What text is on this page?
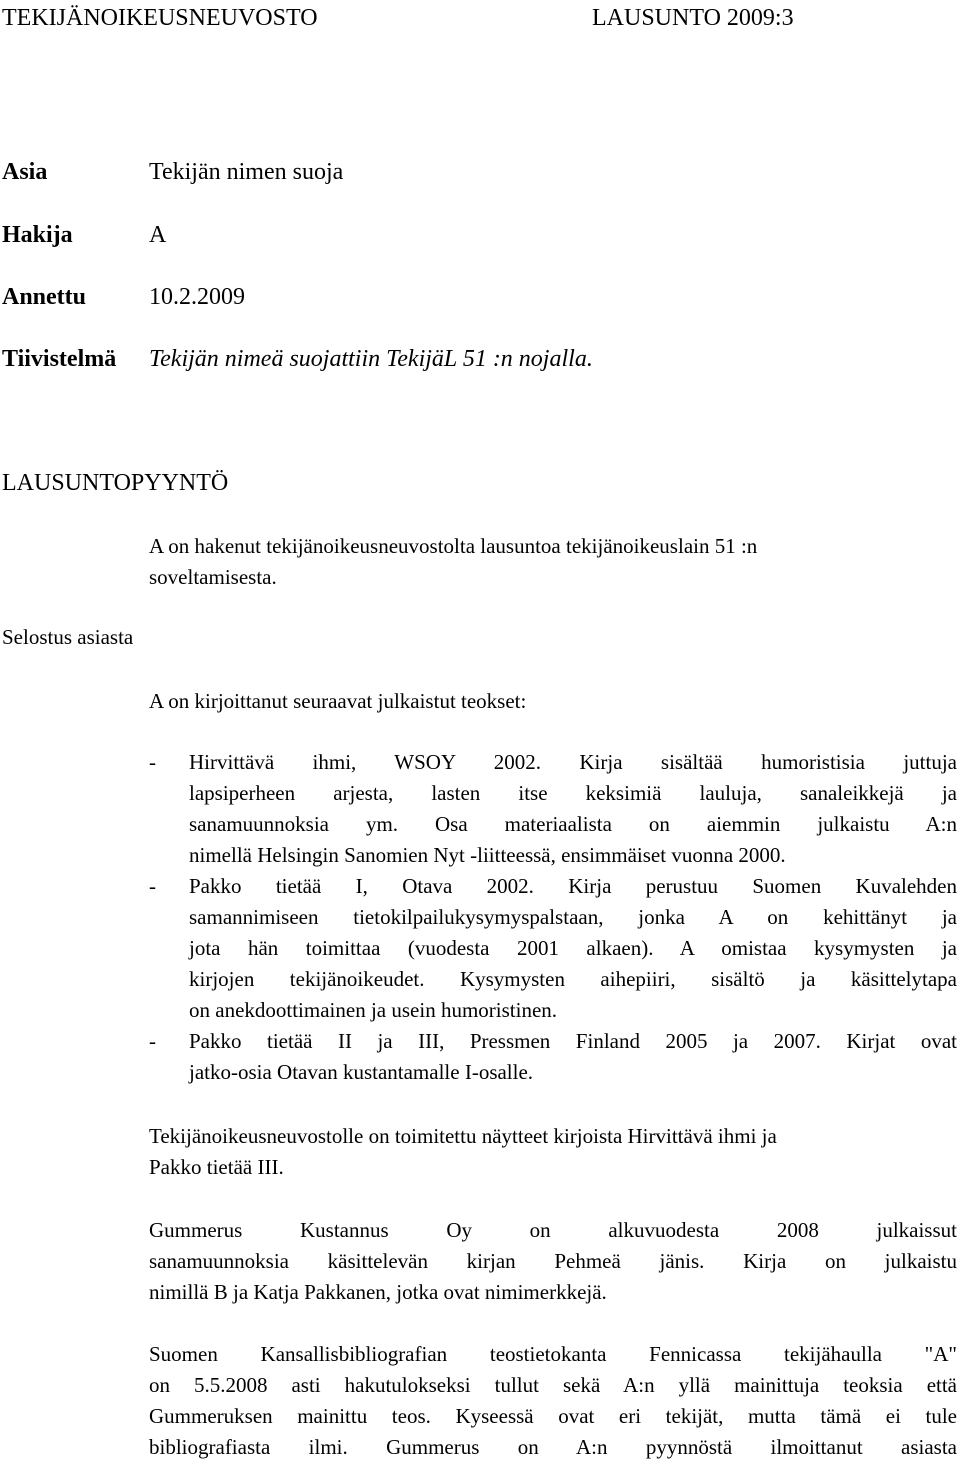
TEKIJÄNOIKEUSNEUVOSTO	LAUSUNTO 2009:3
Asia	Tekijän nimen suoja
Hakija	A
Annettu	10.2.2009
Tiivistelmä Tekijän nimeä suojattiin TekijäL 51 :n nojalla.
LAUSUNTOPYYNTÖ
A on hakenut tekijänoikeusneuvostolta lausuntoa tekijänoikeuslain 51 :n
soveltamisesta.
Selostus asiasta
A on kirjoittanut seuraavat julkaistut teokset:
- Hirvittävä ihmi, WSOY 2002. Kirja sisältää humoristisia juttuja
lapsiperheen arjesta, lasten itse keksimiä lauluja, sanaleikkejä ja
sanamuunnoksia ym. Osa materiaalista on aiemmin julkaistu A:n
nimellä Helsingin Sanomien Nyt -liitteessä, ensimmäiset vuonna 2000.
- Pakko tietää I, Otava 2002. Kirja perustuu Suomen Kuvalehden
samannimiseen tietokilpailukysymyspalstaan, jonka A on kehittänyt ja
jota hän toimittaa (vuodesta 2001 alkaen). A omistaa kysymysten ja
kirjojen tekijänoikeudet. Kysymysten aihepiiri, sisältö ja käsittelytapa
on anekdoottimainen ja usein humoristinen.
- Pakko tietää II ja III, Pressmen Finland 2005 ja 2007. Kirjat ovat
jatko-osia Otavan kustantamalle I-osalle.
Tekijänoikeusneuvostolle on toimitettu näytteet kirjoista Hirvittävä ihmi ja
Pakko tietää III.
Gummerus Kustannus Oy on alkuvuodesta 2008 julkaissut
sanamuunnoksia käsittelevän kirjan Pehmeä jänis. Kirja on julkaistu
nimillä B ja Katja Pakkanen, jotka ovat nimimerkkejä.
Suomen Kansallisbibliografian teostietokanta Fennicassa tekijähaulla "A"
on 5.5.2008 asti hakutulokseksi tullut sekä A:n yllä mainittuja teoksia että
Gummeruksen mainittu teos. Kyseessä ovat eri tekijät, mutta tämä ei tule
bibliografiasta ilmi. Gummerus on A:n pyynnöstä ilmoittanut asiasta
